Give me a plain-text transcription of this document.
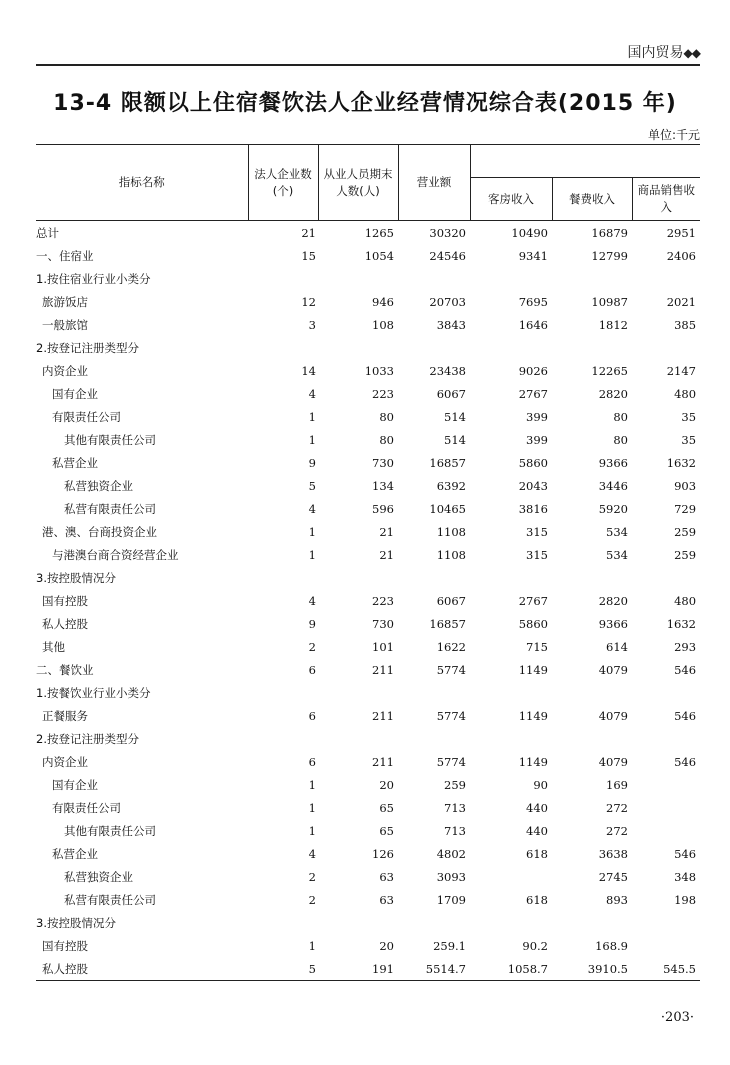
国内贸易◆◆
13-4 限额以上住宿餐饮法人企业经营情况综合表(2015 年)
单位:千元
指标名称	法人企业数(个)	从业人员期末人数(人)	营业额			
				客房收入	餐费收入	商品销售收 入
总计	21	1265	30320	10490	16879	2951
一、住宿业	15	1054	24546	9341	12799	2406
1.按住宿业行业小类分						
旅游饭店	12	946	20703	7695	10987	2021
一般旅馆	3	108	3843	1646	1812	385
2.按登记注册类型分						
内资企业	14	1033	23438	9026	12265	2147
国有企业	4	223	6067	2767	2820	480
有限责任公司	1	80	514	399	80	35
其他有限责任公司	1	80	514	399	80	35
私营企业	9	730	16857	5860	9366	1632
私营独资企业	5	134	6392	2043	3446	903
私营有限责任公司	4	596	10465	3816	5920	729
港、澳、台商投资企业	1	21	1108	315	534	259
与港澳台商合资经营企业	1	21	1108	315	534	259
3.按控股情况分						
国有控股	4	223	6067	2767	2820	480
私人控股	9	730	16857	5860	9366	1632
其他	2	101	1622	715	614	293
二、餐饮业	6	211	5774	1149	4079	546
1.按餐饮业行业小类分						
正餐服务	6	211	5774	1149	4079	546
2.按登记注册类型分						
内资企业	6	211	5774	1149	4079	546
国有企业	1	20	259	90	169	
有限责任公司	1	65	713	440	272	
其他有限责任公司	1	65	713	440	272	
私营企业	4	126	4802	618	3638	546
私营独资企业	2	63	3093		2745	348
私营有限责任公司	2	63	1709	618	893	198
3.按控股情况分						
国有控股	1	20	259.1	90.2	168.9	
私人控股	5	191	5514.7	1058.7	3910.5	545.5
·203·
